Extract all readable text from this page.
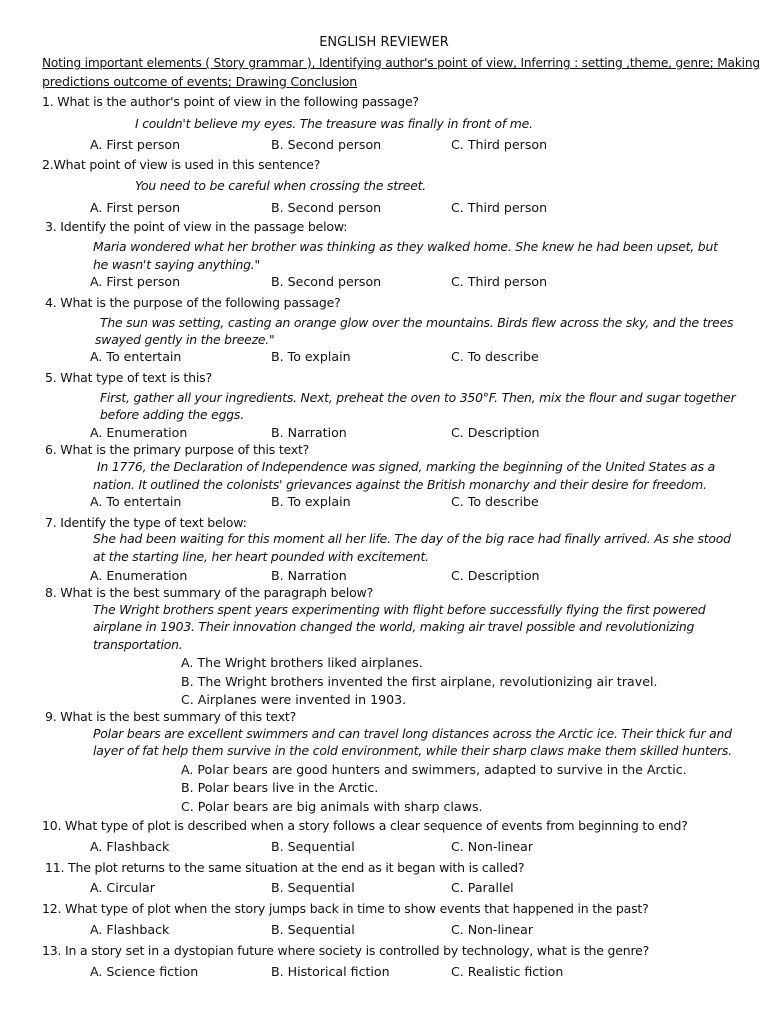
ENGLISH REVIEWER
Noting important elements ( Story grammar ), Identifying author's point of view, Inferring : setting ,theme, genre; Making
predictions outcome of events; Drawing Conclusion
1. What is the author's point of view in the following passage?
I couldn't believe my eyes. The treasure was finally in front of me.
A. First person	B. Second person	C. Third person
2.What point of view is used in this sentence?
You need to be careful when crossing the street.
A. First person	B. Second person	C. Third person
3. Identify the point of view in the passage below:
Maria wondered what her brother was thinking as they walked home. She knew he had been upset, but
he wasn't saying anything."
A. First person	B. Second person	C. Third person
4. What is the purpose of the following passage?
The sun was setting, casting an orange glow over the mountains. Birds flew across the sky, and the trees
swayed gently in the breeze."
A. To entertain	B. To explain	C. To describe
5. What type of text is this?
First, gather all your ingredients. Next, preheat the oven to 350°F. Then, mix the flour and sugar together
before adding the eggs.
A. Enumeration	B. Narration	C. Description
6. What is the primary purpose of this text?
In 1776, the Declaration of Independence was signed, marking the beginning of the United States as a
nation. It outlined the colonists' grievances against the British monarchy and their desire for freedom.
A. To entertain	B. To explain	C. To describe
7. Identify the type of text below:
She had been waiting for this moment all her life. The day of the big race had finally arrived. As she stood
at the starting line, her heart pounded with excitement.
A. Enumeration	B. Narration	C. Description
8. What is the best summary of the paragraph below?
The Wright brothers spent years experimenting with flight before successfully flying the first powered
airplane in 1903. Their innovation changed the world, making air travel possible and revolutionizing
transportation.
A. The Wright brothers liked airplanes.
B. The Wright brothers invented the first airplane, revolutionizing air travel.
C. Airplanes were invented in 1903.
9. What is the best summary of this text?
Polar bears are excellent swimmers and can travel long distances across the Arctic ice. Their thick fur and
layer of fat help them survive in the cold environment, while their sharp claws make them skilled hunters.
A. Polar bears are good hunters and swimmers, adapted to survive in the Arctic.
B. Polar bears live in the Arctic.
C. Polar bears are big animals with sharp claws.
10. What type of plot is described when a story follows a clear sequence of events from beginning to end?
A. Flashback	B. Sequential	C. Non-linear
11. The plot returns to the same situation at the end as it began with is called?
A. Circular	B. Sequential	C. Parallel
12. What type of plot when the story jumps back in time to show events that happened in the past?
A. Flashback	B. Sequential	C. Non-linear
13. In a story set in a dystopian future where society is controlled by technology, what is the genre?
A. Science fiction	B. Historical fiction	C. Realistic fiction
